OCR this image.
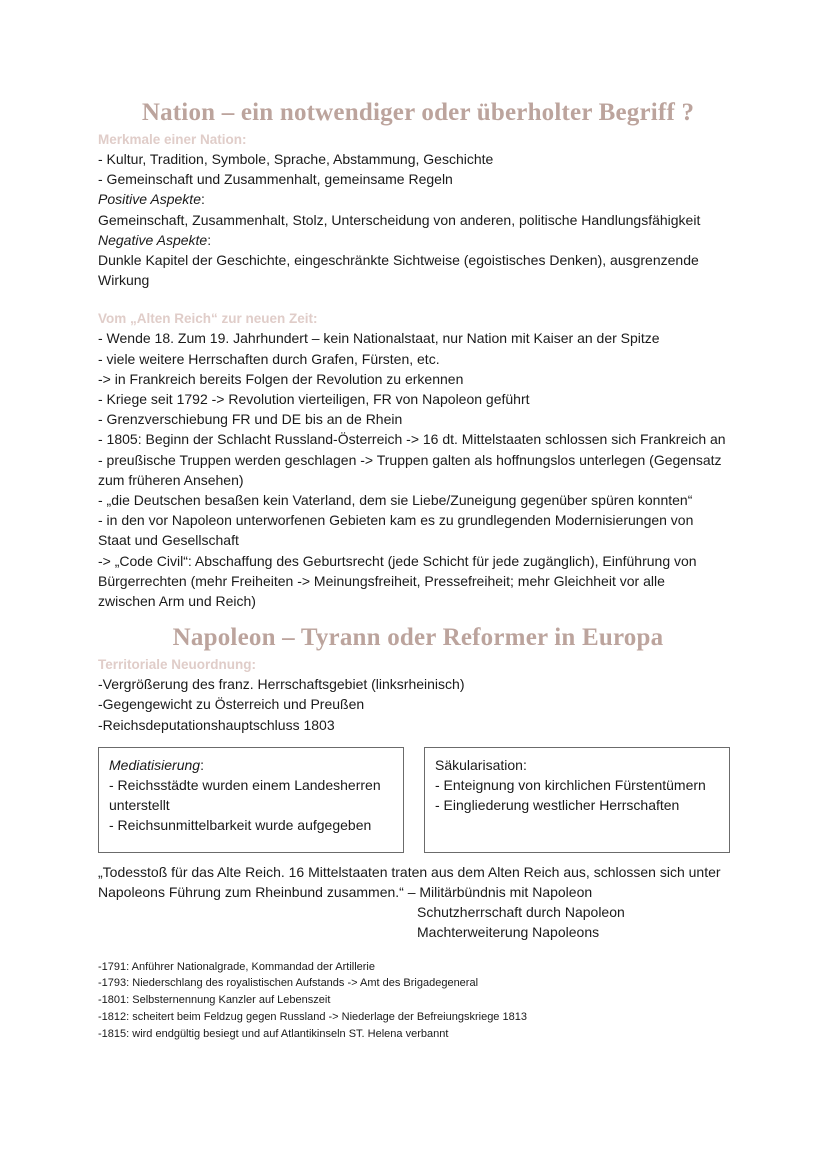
Nation – ein notwendiger oder überholter Begriff ?

Merkmale einer Nation:

- Kultur, Tradition, Symbole, Sprache, Abstammung, Geschichte

- Gemeinschaft und Zusammenhalt, gemeinsame Regeln

Positive Aspekte:

Gemeinschaft, Zusammenhalt, Stolz, Unterscheidung von anderen, politische Handlungsfähigkeit

Negative Aspekte:

Dunkle Kapitel der Geschichte, eingeschränkte Sichtweise (egoistisches Denken), ausgrenzende

Wirkung

Vom „Alten Reich“ zur neuen Zeit:

- Wende 18. Zum 19. Jahrhundert – kein Nationalstaat, nur Nation mit Kaiser an der Spitze

- viele weitere Herrschaften durch Grafen, Fürsten, etc.

-> in Frankreich bereits Folgen der Revolution zu erkennen

- Kriege seit 1792 -> Revolution vierteiligen, FR von Napoleon geführt

- Grenzverschiebung FR und DE bis an de Rhein

- 1805: Beginn der Schlacht Russland-Österreich -> 16 dt. Mittelstaaten schlossen sich Frankreich an

- preußische Truppen werden geschlagen -> Truppen galten als hoffnungslos unterlegen (Gegensatz

zum früheren Ansehen)

- „die Deutschen besaßen kein Vaterland, dem sie Liebe/Zuneigung gegenüber spüren konnten“

- in den vor Napoleon unterworfenen Gebieten kam es zu grundlegenden Modernisierungen von

Staat und Gesellschaft

-> „Code Civil“: Abschaffung des Geburtsrecht (jede Schicht für jede zugänglich), Einführung von

Bürgerrechten (mehr Freiheiten -> Meinungsfreiheit, Pressefreiheit; mehr Gleichheit vor alle

zwischen Arm und Reich)

Napoleon – Tyrann oder Reformer in Europa

Territoriale Neuordnung:

-Vergrößerung des franz. Herrschaftsgebiet (linksrheinisch)

-Gegengewicht zu Österreich und Preußen

-Reichsdeputationshauptschluss 1803

Mediatisierung:

- Reichsstädte wurden einem Landesherren

unterstellt

- Reichsunmittelbarkeit wurde aufgegeben

Säkularisation:

- Enteignung von kirchlichen Fürstentümern

- Eingliederung westlicher Herrschaften

„Todesstoß für das Alte Reich. 16 Mittelstaaten traten aus dem Alten Reich aus, schlossen sich unter

Napoleons Führung zum Rheinbund zusammen.“ – Militärbündnis mit Napoleon

Schutzherrschaft durch Napoleon

Machterweiterung Napoleons

-1791: Anführer Nationalgrade, Kommandad der Artillerie

-1793: Niederschlang des royalistischen Aufstands -> Amt des Brigadegeneral

-1801: Selbsternennung Kanzler auf Lebenszeit

-1812: scheitert beim Feldzug gegen Russland -> Niederlage der Befreiungskriege 1813

-1815: wird endgültig besiegt und auf Atlantikinseln ST. Helena verbannt
